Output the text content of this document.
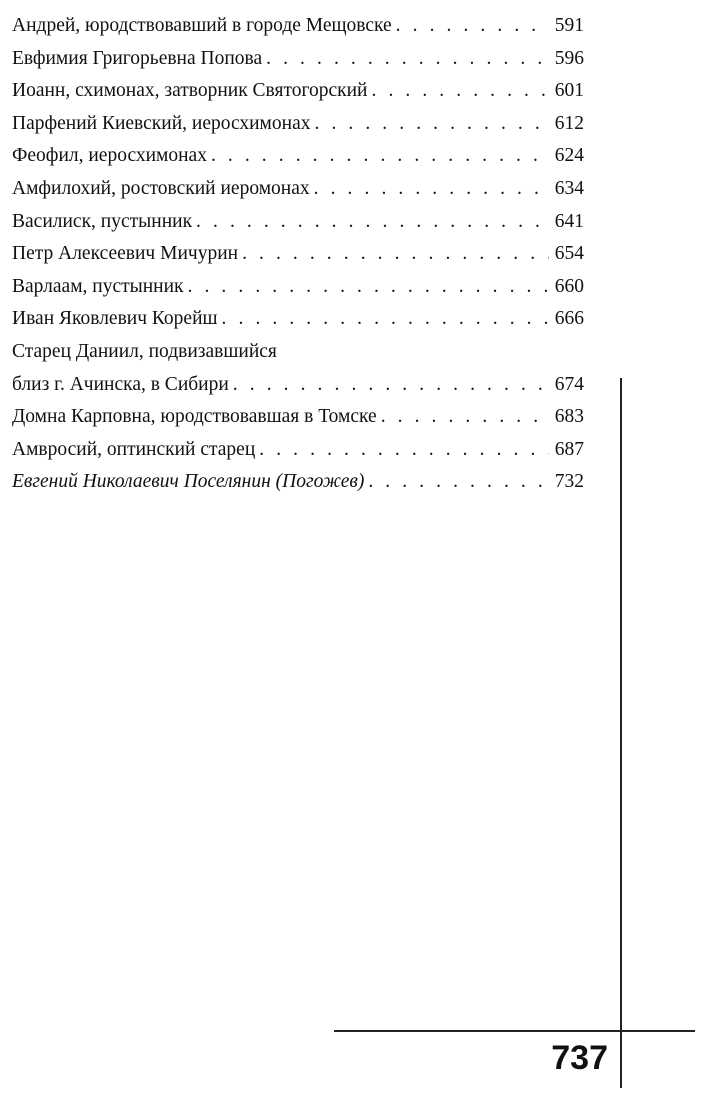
Андрей, юродствовавший в городе Мещовске . . .	591
Евфимия Григорьевна Попова . . .	596
Иоанн, схимонах, затворник Святогорский . . .	601
Парфений Киевский, иеросхимонах . . .	612
Феофил, иеросхимонах . . .	624
Амфилохий, ростовский иеромонах . . .	634
Василиск, пустынник . . .	641
Петр Алексеевич Мичурин . . .	654
Варлаам, пустынник . . .	660
Иван Яковлевич Корейш . . .	666
Старец Даниил, подвизавшийся
близ г. Ачинска, в Сибири . . .	674
Домна Карповна, юродствовавшая в Томске . . .	683
Амвросий, оптинский старец . . .	687
Евгений Николаевич Поселянин (Погожев) . . .	732
737
